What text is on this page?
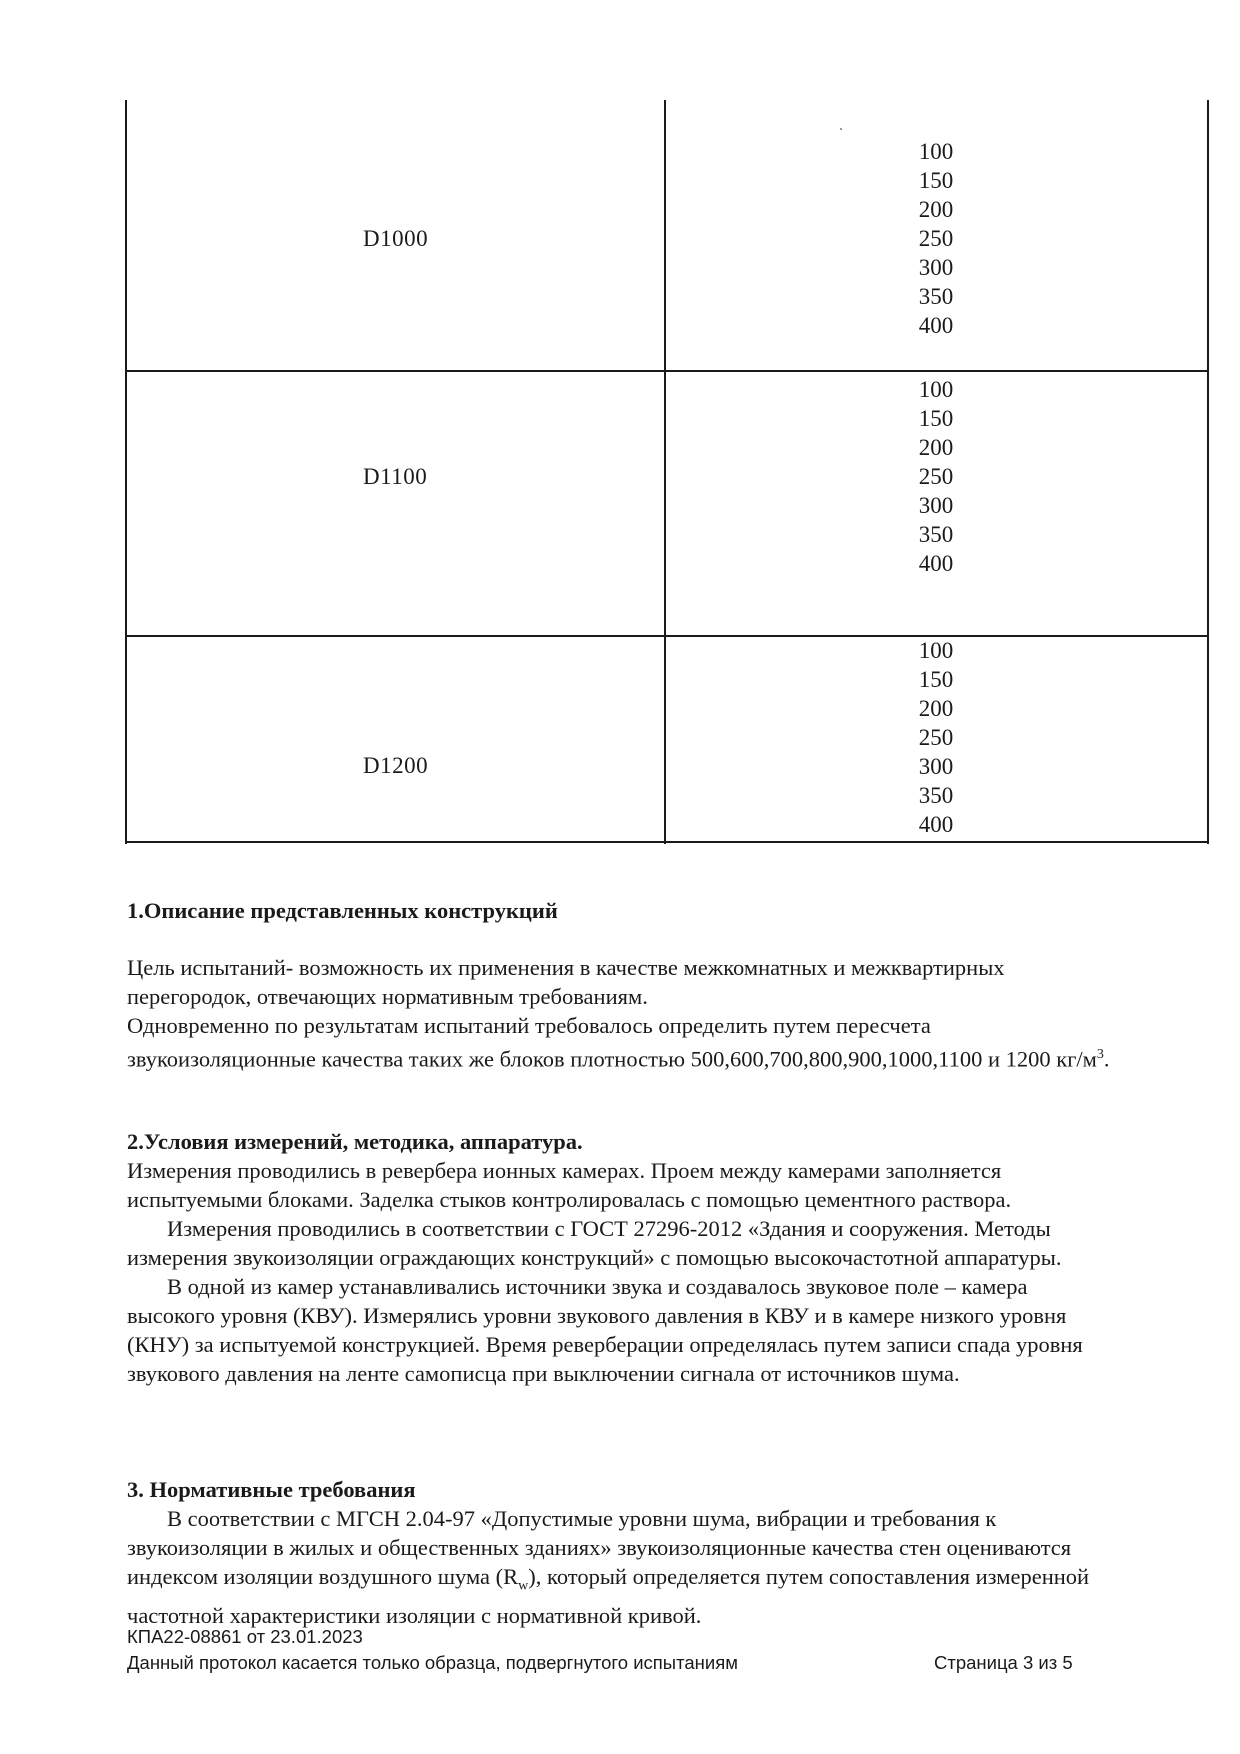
D1000
100
150
200
250
300
350
400
D1100
100
150
200
250
300
350
400
D1200
100
150
200
250
300
350
400
1.Описание представленных конструкций

Цель испытаний- возможность их применения в качестве межкомнатных и межквартирных перегородок, отвечающих нормативным требованиям.

Одновременно по результатам испытаний требовалось определить путем пересчета звукоизоляционные качества таких же блоков плотностью 500,600,700,800,900,1000,1100 и 1200 $кг/м^3$.

2.Условия измерений, методика, аппаратура.

Измерения проводились в ревербера ионных камерах. Проем между камерами заполняется испытуемыми блоками. Заделка стыков контролировалась с помощью цементного раствора.

Измерения проводились в соответствии с ГОСТ 27296-2012 «Здания и сооружения. Методы измерения звукоизоляции ограждающих конструкций» с помощью высокочастотной аппаратуры.

В одной из камер устанавливались источники звука и создавалось звуковое поле – камера высокого уровня (КВУ). Измерялись уровни звукового давления в КВУ и в камере низкого уровня (КНУ) за испытуемой конструкцией. Время реверберации определялась путем записи спада уровня звукового давления на ленте самописца при выключении сигнала от источников шума.

3. Нормативные требования

В соответствии с МГСН 2.04-97 «Допустимые уровни шума, вибрации и требования к звукоизоляции в жилых и общественных зданиях» звукоизоляционные качества стен оцениваются индексом изоляции воздушного шума $(R_w)$, который определяется путем сопоставления измеренной частотной характеристики изоляции с нормативной кривой.

КПА22-08861 от 23.01.2023
Данный протокол касается только образца, подвергнутого испытаниям	Страница 3 из 5
